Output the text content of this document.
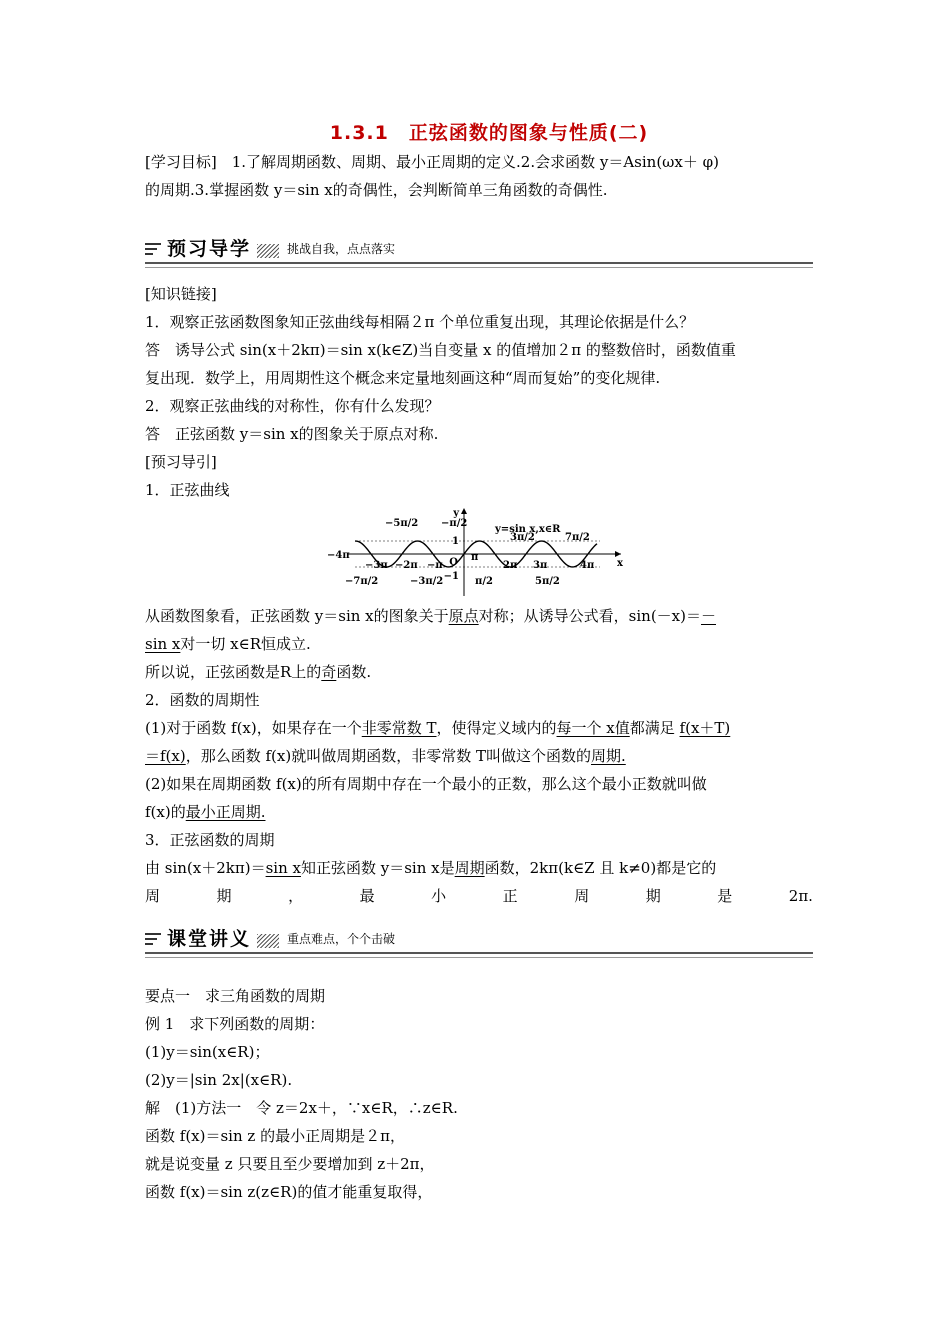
1.3.1　正弦函数的图象与性质(二)
[学习目标]　1.了解周期函数、周期、最小正周期的定义.2.会求函数 y＝Asin(ωx＋ φ)
的周期.3.掌握函数 y＝sin x的奇偶性，会判断简单三角函数的奇偶性.
预习导学	挑战自我，点点落实
[知识链接]
1．观察正弦函数图象知正弦曲线每相隔２π 个单位重复出现，其理论依据是什么？
答　诱导公式 sin(x＋2kπ)＝sin x(k∈Z)当自变量 x 的值增加２π 的整数倍时，函数值重
复出现．数学上，用周期性这个概念来定量地刻画这种“周而复始”的变化规律.
2．观察正弦曲线的对称性，你有什么发现？
答　正弦函数 y＝sin x的图象关于原点对称.
[预习导引]
1．正弦曲线
y
x
O
1
−1
y=sin x,x∈R
−4π
−3π −2π −π
π
2π 3π	4π
−5π/2 −π/2
3π/2	7π/2
−7π/2	−3π/2	π/2	5π/2
从函数图象看，正弦函数 y＝sin x的图象关于原点对称；从诱导公式看，sin(－x)＝－
sin x对一切 x∈R恒成立.
所以说，正弦函数是R上的奇函数.
2．函数的周期性
(1)对于函数 f(x)，如果存在一个非零常数 T，使得定义域内的每一个 x值都满足 f(x＋T)
＝f(x)，那么函数 f(x)就叫做周期函数，非零常数 T叫做这个函数的周期.
(2)如果在周期函数 f(x)的所有周期中存在一个最小的正数，那么这个最小正数就叫做
f(x)的最小正周期.
3．正弦函数的周期
由 sin(x＋2kπ)＝sin x知正弦函数 y＝sin x是周期函数，2kπ(k∈Z 且 k≠0)都是它的
周	期	，	最	小	正	周	期	是	2π.
课堂讲义	重点难点，个个击破
要点一　求三角函数的周期
例 1　求下列函数的周期：
(1)y＝sin(x∈R)；
(2)y＝|sin 2x|(x∈R).
解　(1)方法一　令 z＝2x＋，∵x∈R，∴z∈R.
函数 f(x)＝sin z 的最小正周期是２π，
就是说变量 z 只要且至少要增加到 z＋2π，
函数 f(x)＝sin z(z∈R)的值才能重复取得，
